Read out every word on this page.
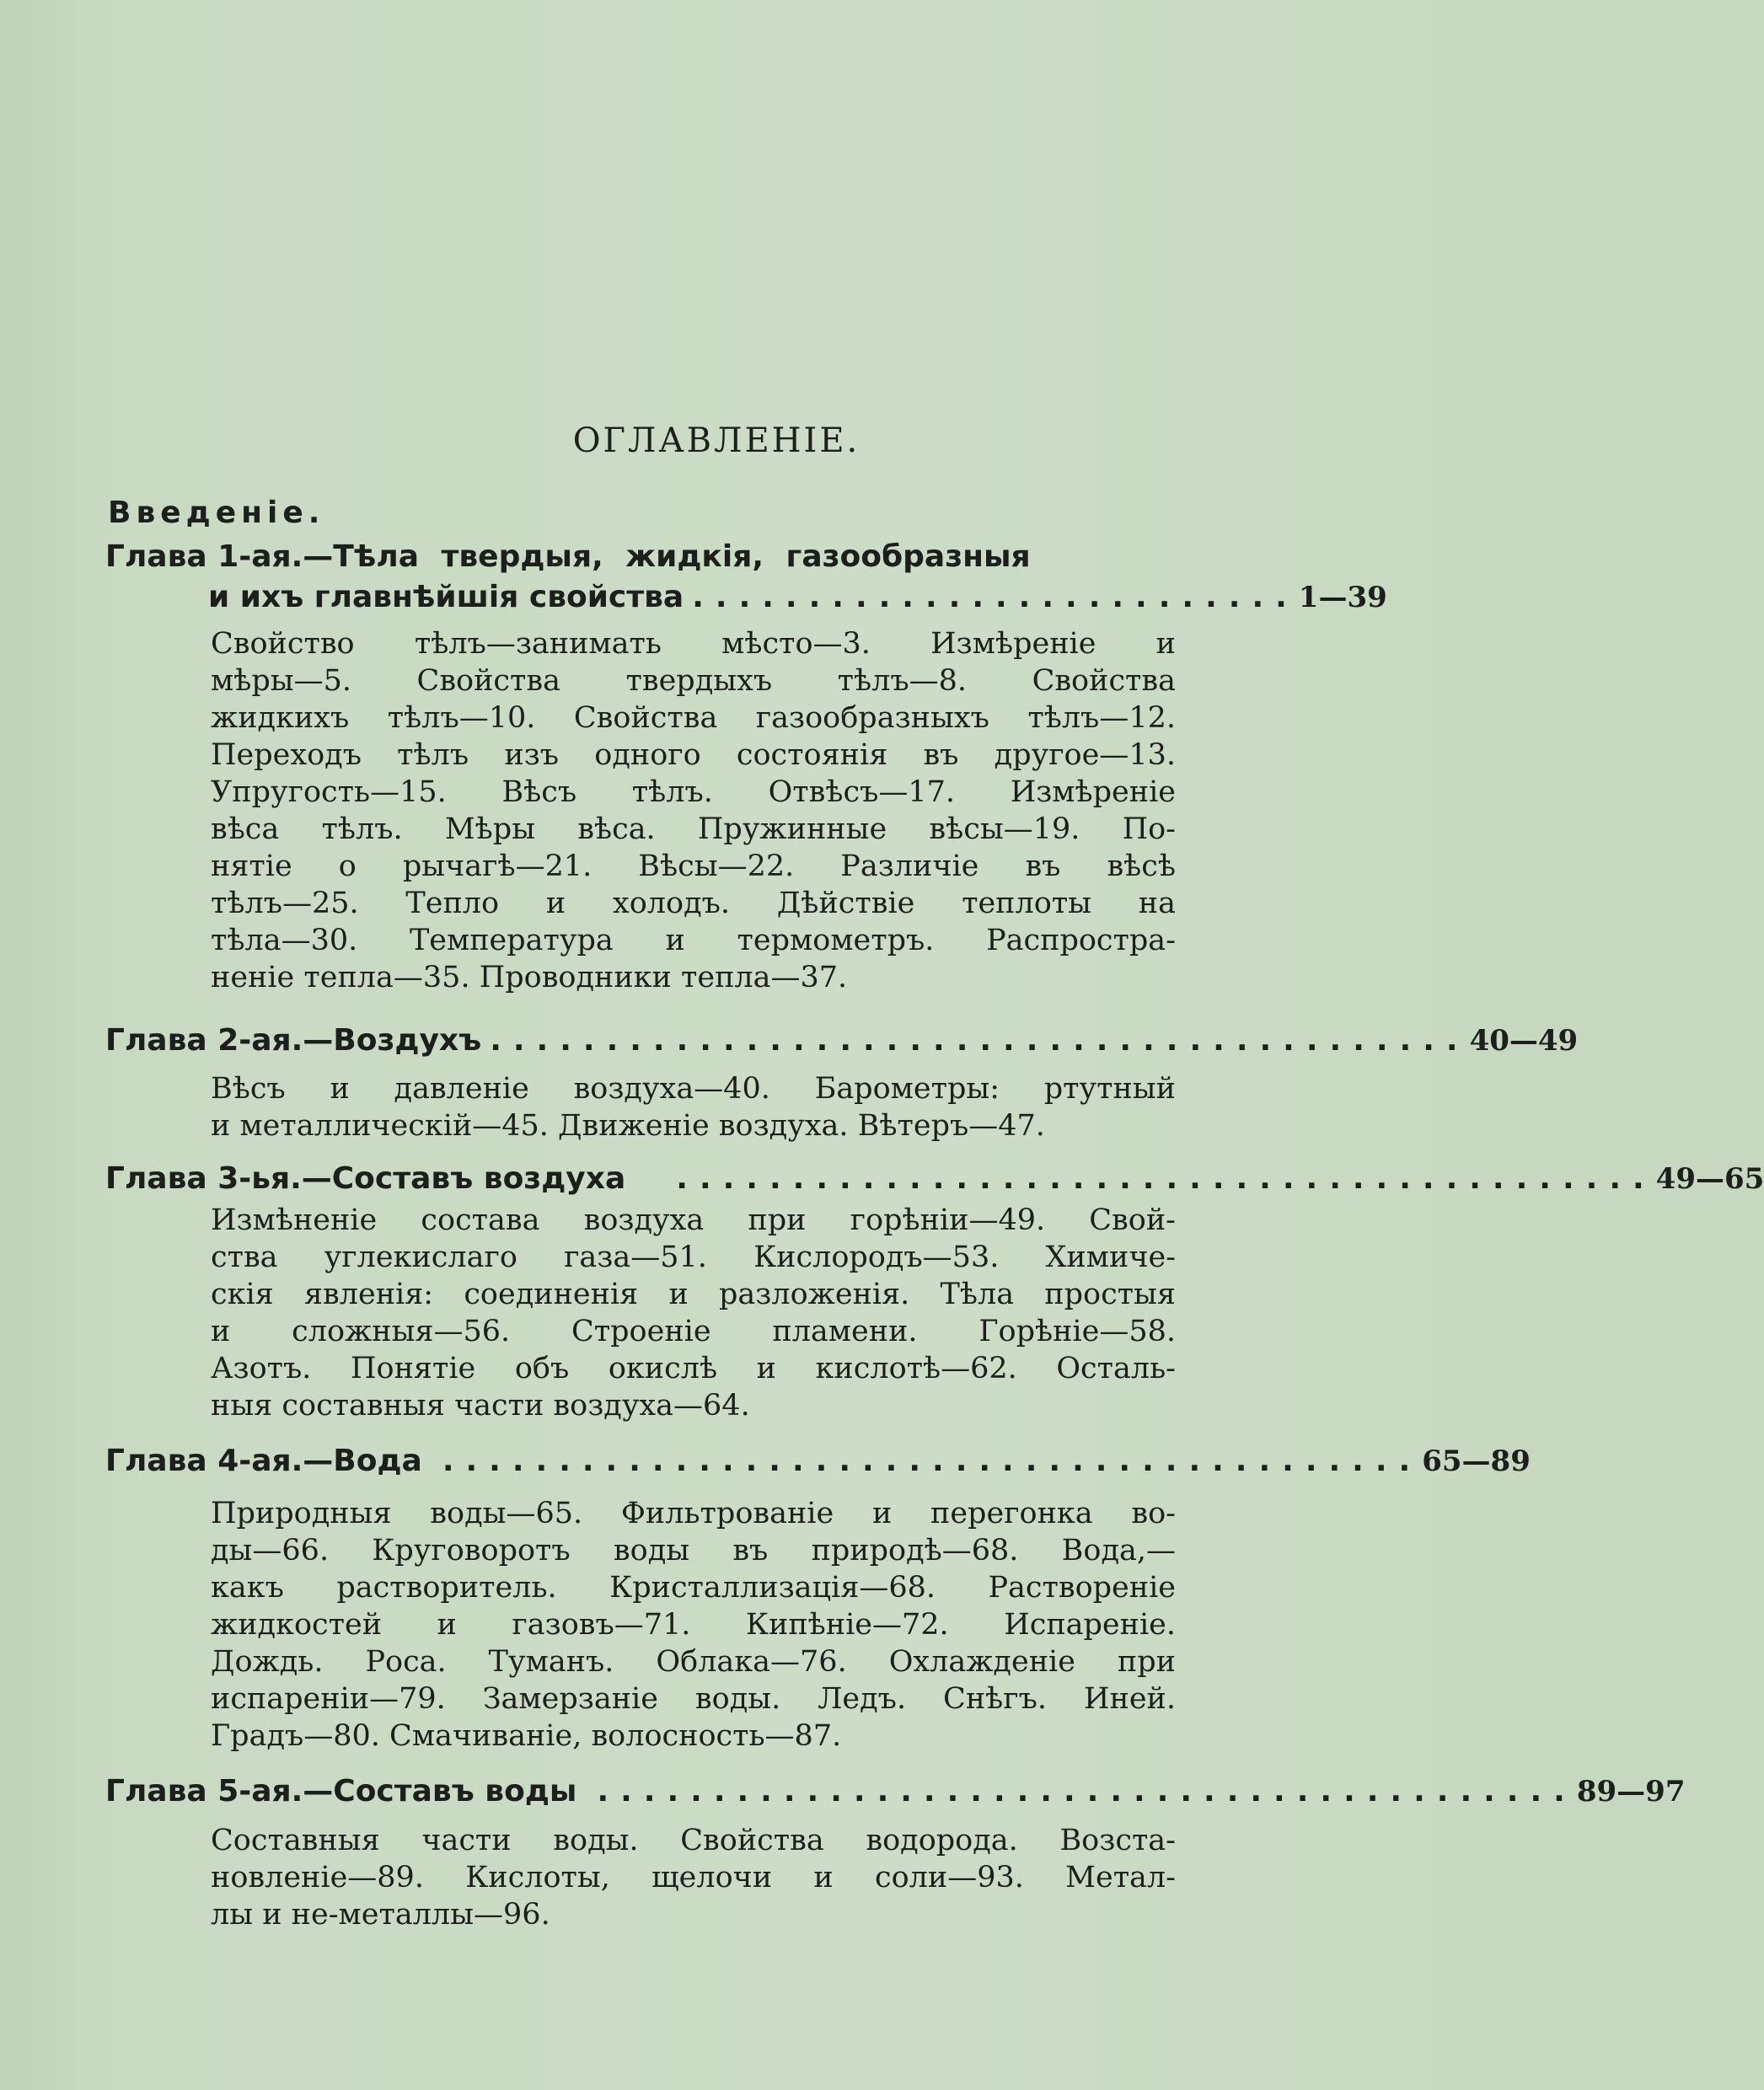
ОГЛАВЛЕНІЕ.
Введеніе.
Глава 1-ая. —Тѣла твердыя, жидкія, газообразныя
и ихъ главнѣйшія свойства .......................... 1—39
Свойство тѣлъ—занимать мѣсто—3. Измѣреніе и
мѣры—5. Свойства твердыхъ тѣлъ—8. Свойства
жидкихъ тѣлъ—10. Свойства газообразныхъ тѣлъ—12.
Переходъ тѣлъ изъ одного состоянія въ другое—13.
Упругость—15. Вѣсъ тѣлъ. Отвѣсъ—17. Измѣреніе
вѣса тѣлъ. Мѣры вѣса. Пружинные вѣсы—19. По-
нятіе о рычагѣ—21. Вѣсы—22. Различіе въ вѣсѣ
тѣлъ—25. Тепло и холодъ. Дѣйствіе теплоты на
тѣла—30. Температура и термометръ. Распростра-
неніе тепла—35. Проводники тепла—37.
Глава 2-ая. —Воздухъ .......................................... 40—49
Вѣсъ и давленіе воздуха—40. Барометры: ртутный
и металлическій—45. Движеніе воздуха. Вѣтеръ—47.
Глава 3-ья. —Составъ воздуха	.......................................... 49—65
Измѣненіе состава воздуха при горѣніи—49. Свой-
ства углекислаго газа—51. Кислородъ—53. Химиче-
скія явленія: соединенія и разложенія. Тѣла простыя
и сложныя—56. Строеніе пламени. Горѣніе—58.
Азотъ. Понятіе объ окислѣ и кислотѣ—62. Осталь-
ныя составныя части воздуха—64.
Глава 4-ая. —Вода .......................................... 65—89
Природныя воды—65. Фильтрованіе и перегонка во-
ды—66. Круговоротъ воды въ природѣ—68. Вода,—
какъ растворитель. Кристаллизація—68. Раствореніе
жидкостей и газовъ—71. Кипѣніе—72. Испареніе.
Дождь. Роса. Туманъ. Облака—76. Охлажденіе при
испареніи—79. Замерзаніе воды. Ледъ. Снѣгъ. Иней.
Градъ—80. Смачиваніе, волосность—87.
Глава 5-ая. —Составъ воды .......................................... 89—97
Составныя части воды. Свойства водорода. Возста-
новленіе—89. Кислоты, щелочи и соли—93. Метал-
лы и не-металлы—96.
